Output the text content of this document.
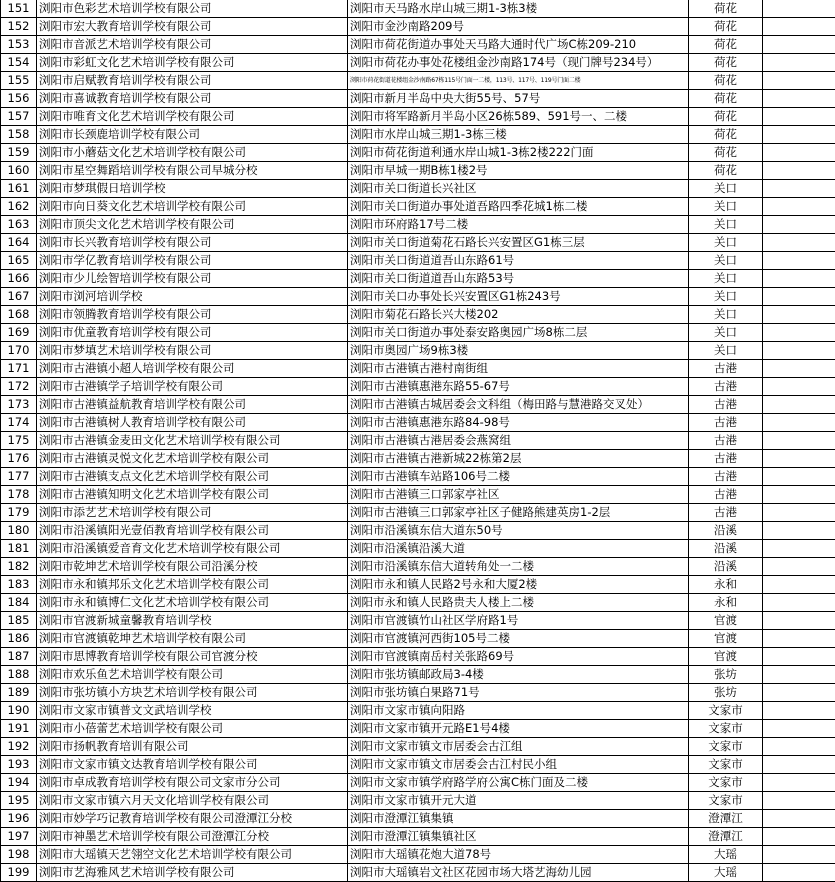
151	浏阳市色彩艺术培训学校有限公司	浏阳市天马路水岸山城三期1-3栋3楼	荷花	
152	浏阳市宏大教育培训学校有限公司	浏阳市金沙南路209号	荷花	
153	浏阳市音派艺术培训学校有限公司	浏阳市荷花街道办事处天马路大通时代广场C栋209-210	荷花	
154	浏阳市彩虹文化艺术培训学校有限公司	浏阳市荷花办事处花楼组金沙南路174号（现门牌号234号）	荷花	
155	浏阳市启赋教育培训学校有限公司	浏阳市荷花街道花楼组金沙南路67栋115号门面一二楼，113号、117号、119号门面二楼	荷花	
156	浏阳市喜诚教育培训学校有限公司	浏阳市新月半岛中央大街55号、57号	荷花	
157	浏阳市唯育文化艺术培训学校有限公司	浏阳市将军路新月半岛小区26栋589、591号一、二楼	荷花	
158	浏阳市长颈鹿培训学校有限公司	浏阳市水岸山城三期1-3栋三楼	荷花	
159	浏阳市小蘑菇文化艺术培训学校有限公司	浏阳市荷花街道利通水岸山城1-3栋2楼222门面	荷花	
160	浏阳市星空舞蹈培训学校有限公司早城分校	浏阳市早城一期B栋1楼2号	荷花	
161	浏阳市梦琪假日培训学校	浏阳市关口街道长兴社区	关口	
162	浏阳市向日葵文化艺术培训学校有限公司	浏阳市关口街道办事处道吾路四季花城1栋二楼	关口	
163	浏阳市顶尖文化艺术培训学校有限公司	浏阳市环府路17号二楼	关口	
164	浏阳市长兴教育培训学校有限公司	浏阳市关口街道菊花石路长兴安置区G1栋三层	关口	
165	浏阳市学亿教育培训学校有限公司	浏阳市关口街道道吾山东路61号	关口	
166	浏阳市少儿绘智培训学校有限公司	浏阳市关口街道道吾山东路53号	关口	
167	浏阳市浏河培训学校	浏阳市关口办事处长兴安置区G1栋243号	关口	
168	浏阳市领腾教育培训学校有限公司	浏阳市菊花石路长兴大楼202	关口	
169	浏阳市优童教育培训学校有限公司	浏阳市关口街道办事处泰安路奥园广场8栋二层	关口	
170	浏阳市梦填艺术培训学校有限公司	浏阳市奥园广场9栋3楼	关口	
171	浏阳市古港镇小超人培训学校有限公司	浏阳市古港镇古港村南街组	古港	
172	浏阳市古港镇学子培训学校有限公司	浏阳市古港镇惠港东路55-67号	古港	
173	浏阳市古港镇益航教育培训学校有限公司	浏阳市古港镇古城居委会文科组（梅田路与慧港路交叉处）	古港	
174	浏阳市古港镇树人教育培训学校有限公司	浏阳市古港镇惠港东路84-98号	古港	
175	浏阳市古港镇金麦田文化艺术培训学校有限公司	浏阳市古港镇古港居委会燕窝组	古港	
176	浏阳市古港镇灵悦文化艺术培训学校有限公司	浏阳市古港镇古港新城22栋第2层	古港	
177	浏阳市古港镇支点文化艺术培训学校有限公司	浏阳市古港镇车站路106号二楼	古港	
178	浏阳市古港镇知明文化艺术培训学校有限公司	浏阳市古港镇三口郭家亭社区	古港	
179	浏阳市添艺艺术培训学校有限公司	浏阳市古港镇三口郭家亭社区子健路熊建英房1-2层	古港	
180	浏阳市沿溪镇阳光壹佰教育培训学校有限公司	浏阳市沿溪镇东信大道东50号	沿溪	
181	浏阳市沿溪镇爱音育文化艺术培训学校有限公司	浏阳市沿溪镇沿溪大道	沿溪	
182	浏阳市乾坤艺术培训学校有限公司沿溪分校	浏阳市沿溪镇东信大道转角处一二楼	沿溪	
183	浏阳市永和镇邦乐文化艺术培训学校有限公司	浏阳市永和镇人民路2号永和大厦2楼	永和	
184	浏阳市永和镇博仁文化艺术培训学校有限公司	浏阳市永和镇人民路贵夫人楼上二楼	永和	
185	浏阳市官渡新城童馨教育培训学校	浏阳市官渡镇竹山社区学府路1号	官渡	
186	浏阳市官渡镇乾坤艺术培训学校有限公司	浏阳市官渡镇河西街105号二楼	官渡	
187	浏阳市思博教育培训学校有限公司官渡分校	浏阳市官渡镇南岳村关张路69号	官渡	
188	浏阳市欢乐鱼艺术培训学校有限公司	浏阳市张坊镇邮政局3-4楼	张坊	
189	浏阳市张坊镇小方块艺术培训学校有限公司	浏阳市张坊镇白果路71号	张坊	
190	浏阳市文家市镇普文文武培训学校	浏阳市文家市镇向阳路	文家市	
191	浏阳市小蓓蕾艺术培训学校有限公司	浏阳市文家市镇开元路E1号4楼	文家市	
192	浏阳市扬帆教育培训有限公司	浏阳市文家市镇文市居委会古江组	文家市	
193	浏阳市文家市镇文达教育培训学校有限公司	浏阳市文家市镇文市居委会古江村民小组	文家市	
194	浏阳市卓成教育培训学校有限公司文家市分公司	浏阳市文家市镇学府路学府公寓C栋门面及二楼	文家市	
195	浏阳市文家市镇六月天文化培训学校有限公司	浏阳市文家市镇开元大道	文家市	
196	浏阳市妙学巧记教育培训学校有限公司澄潭江分校	浏阳市澄潭江镇集镇	澄潭江	
197	浏阳市神墨艺术培训学校有限公司澄潭江分校	浏阳市澄潭江镇集镇社区	澄潭江	
198	浏阳市大瑶镇天艺翎空文化艺术培训学校有限公司	浏阳市大瑶镇花炮大道78号	大瑶	
199	浏阳市艺海雅风艺术培训学校有限公司	浏阳市大瑶镇岩文社区花园市场大塔艺海幼儿园	大瑶	
